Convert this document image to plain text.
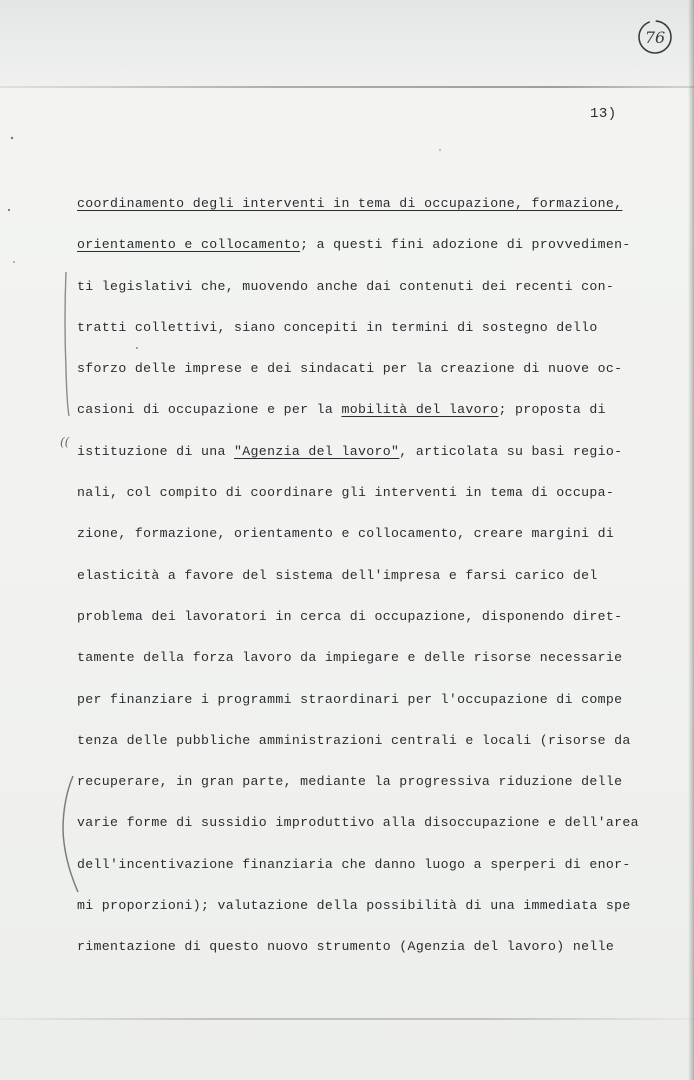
76
13)
coordinamento degli interventi in tema di occupazione, formazione,
orientamento e collocamento; a questi fini adozione di provvedimen-
ti legislativi che, muovendo anche dai contenuti dei recenti con-
tratti collettivi, siano concepiti in termini di sostegno dello
sforzo delle imprese e dei sindacati per la creazione di nuove oc-
casioni di occupazione e per la mobilità del lavoro; proposta di
istituzione di una "Agenzia del lavoro", articolata su basi regio-
nali, col compito di coordinare gli interventi in tema di occupa-
zione, formazione, orientamento e collocamento, creare margini di
elasticità a favore del sistema dell'impresa e farsi carico del
problema dei lavoratori in cerca di occupazione, disponendo diret-
tamente della forza lavoro da impiegare e delle risorse necessarie
per finanziare i programmi straordinari per l'occupazione di compe
tenza delle pubbliche amministrazioni centrali e locali (risorse da
recuperare, in gran parte, mediante la progressiva riduzione delle
varie forme di sussidio improduttivo alla disoccupazione e dell'area
dell'incentivazione finanziaria che danno luogo a sperperi di enor-
mi proporzioni); valutazione della possibilità di una immediata spe
rimentazione di questo nuovo strumento (Agenzia del lavoro) nelle
((
